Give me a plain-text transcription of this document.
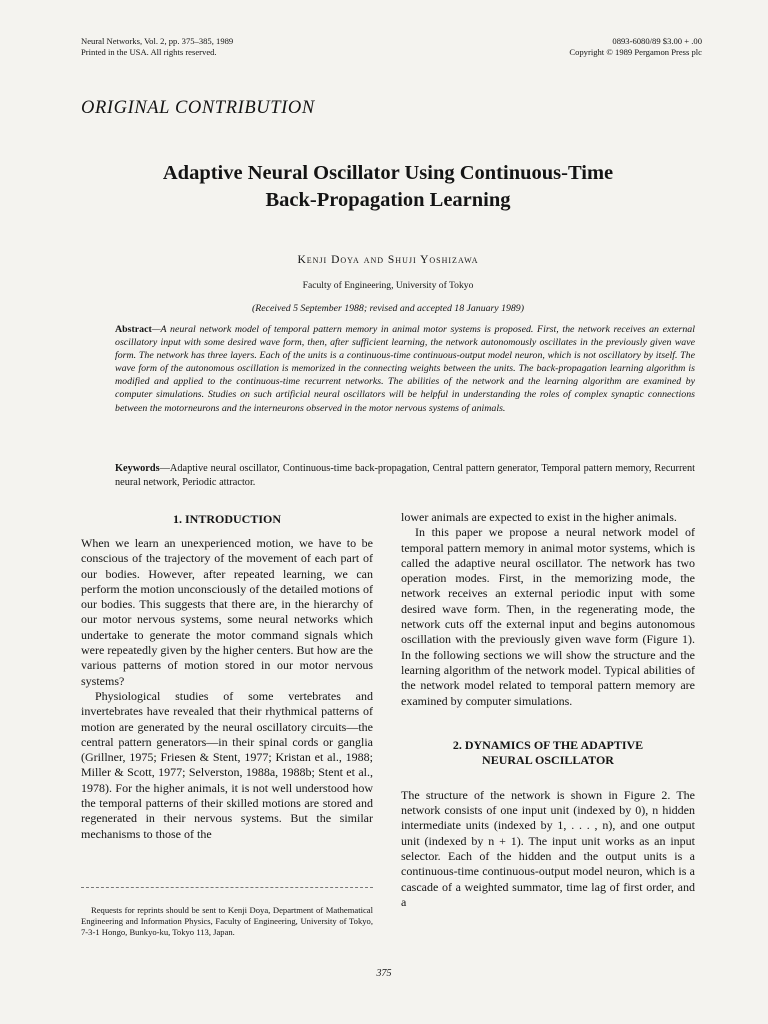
Neural Networks, Vol. 2, pp. 375–385, 1989
Printed in the USA. All rights reserved.
0893-6080/89 $3.00 + .00
Copyright © 1989 Pergamon Press plc
ORIGINAL CONTRIBUTION
Adaptive Neural Oscillator Using Continuous-Time
Back-Propagation Learning
Kenji Doya and Shuji Yoshizawa
Faculty of Engineering, University of Tokyo
(Received 5 September 1988; revised and accepted 18 January 1989)
Abstract—A neural network model of temporal pattern memory in animal motor systems is proposed. First, the network receives an external oscillatory input with some desired wave form, then, after sufficient learning, the network autonomously oscillates in the previously given wave form. The network has three layers. Each of the units is a continuous-time continuous-output model neuron, which is not oscillatory by itself. The wave form of the autonomous oscillation is memorized in the connecting weights between the units. The back-propagation learning algorithm is modified and applied to the continuous-time recurrent networks. The abilities of the network and the learning algorithm are examined by computer simulations. Studies on such artificial neural oscillators will be helpful in understanding the roles of complex synaptic connections between the motorneurons and the interneurons observed in the motor nervous systems of animals.
Keywords—Adaptive neural oscillator, Continuous-time back-propagation, Central pattern generator, Temporal pattern memory, Recurrent neural network, Periodic attractor.
1. INTRODUCTION

When we learn an unexperienced motion, we have to be conscious of the trajectory of the movement of each part of our bodies. However, after repeated learning, we can perform the motion unconsciously of the detailed motions of our bodies. This suggests that there are, in the hierarchy of our motor nervous systems, some neural networks which undertake to generate the motor command signals which were repeatedly given by the higher centers. But how are the various patterns of motion stored in our motor nervous systems?

Physiological studies of some vertebrates and invertebrates have revealed that their rhythmical patterns of motion are generated by the neural oscillatory circuits—the central pattern generators—in their spinal cords or ganglia (Grillner, 1975; Friesen & Stent, 1977; Kristan et al., 1988; Miller & Scott, 1977; Selverston, 1988a, 1988b; Stent et al., 1978). For the higher animals, it is not well understood how the temporal patterns of their skilled motions are stored and regenerated in their nervous systems. But the similar mechanisms to those of the

lower animals are expected to exist in the higher animals.

In this paper we propose a neural network model of temporal pattern memory in animal motor systems, which is called the adaptive neural oscillator. The network has two operation modes. First, in the memorizing mode, the network receives an external periodic input with some desired wave form. Then, in the regenerating mode, the network cuts off the external input and begins autonomous oscillation with the previously given wave form (Figure 1). In the following sections we will show the structure and the learning algorithm of the network model. Typical abilities of the network model related to temporal pattern memory are examined by computer simulations.

2. DYNAMICS OF THE ADAPTIVE
NEURAL OSCILLATOR

The structure of the network is shown in Figure 2. The network consists of one input unit (indexed by 0), n hidden intermediate units (indexed by 1, . . . , n), and one output unit (indexed by n + 1). The input unit works as an input selector. Each of the hidden and the output units is a continuous-time continuous-output model neuron, which is a cascade of a weighted summator, time lag of first order, and a

Requests for reprints should be sent to Kenji Doya, Department of Mathematical Engineering and Information Physics, Faculty of Engineering, University of Tokyo, 7-3-1 Hongo, Bunkyo-ku, Tokyo 113, Japan.
375
